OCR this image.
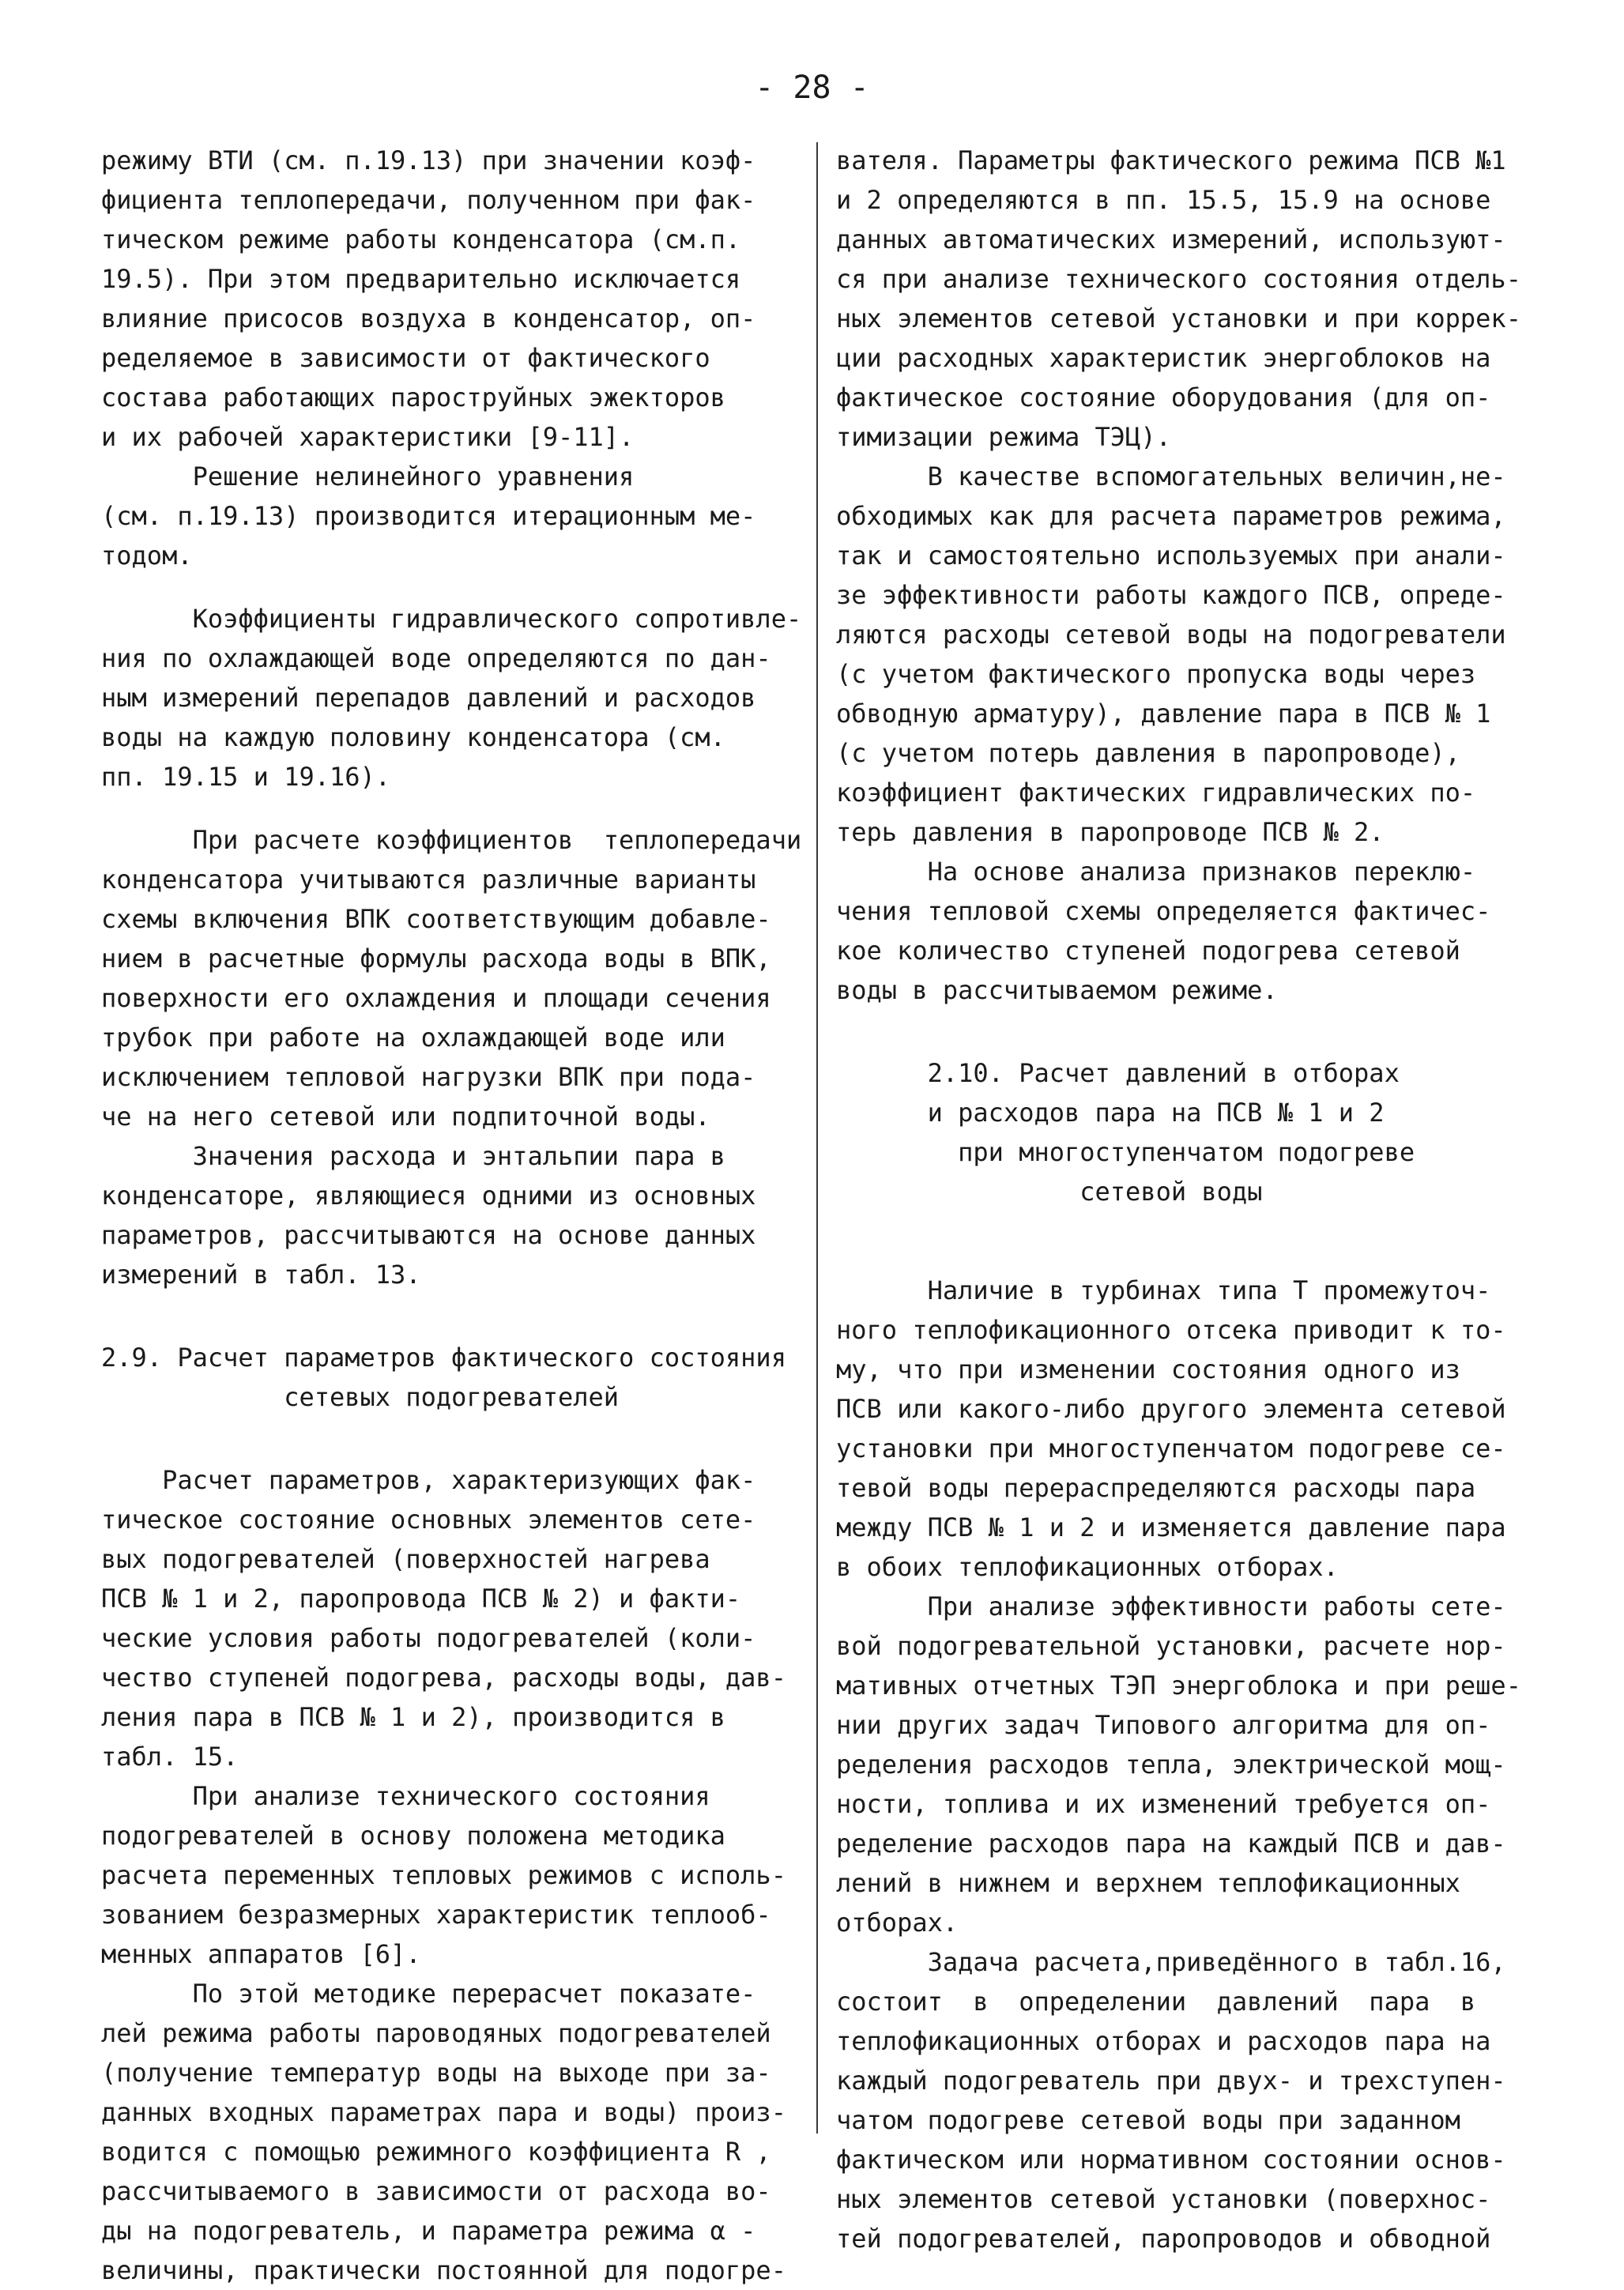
- 28 -
режиму ВТИ (см. п.19.13) при значении коэф-
фициента теплопередачи, полученном при фак-
тическом режиме работы конденсатора (см.п.
19.5). При этом предварительно исключается
влияние присосов воздуха в конденсатор, оп-
ределяемое в зависимости от фактического
состава работающих пароструйных эжекторов
и их рабочей характеристики [9-11].
Решение нелинейного уравнения
(см. п.19.13) производится итерационным ме-
тодом.
Коэффициенты гидравлического сопротивле-
ния по охлаждающей воде определяются по дан-
ным измерений перепадов давлений и расходов
воды на каждую половину конденсатора (см.
пп. 19.15 и 19.16).
При расчете коэффициентов  теплопередачи
конденсатора учитываются различные варианты
схемы включения ВПК соответствующим добавле-
нием в расчетные формулы расхода воды в ВПК,
поверхности его охлаждения и площади сечения
трубок при работе на охлаждающей воде или
исключением тепловой нагрузки ВПК при пода-
че на него сетевой или подпиточной воды.
Значения расхода и энтальпии пара в
конденсаторе, являющиеся одними из основных
параметров, рассчитываются на основе данных
измерений в табл. 13.
2.9. Расчет параметров фактического состояния
сетевых подогревателей
Расчет параметров, характеризующих фак-
тическое состояние основных элементов сете-
вых подогревателей (поверхностей нагрева
ПСВ № 1 и 2, паропровода ПСВ № 2) и факти-
ческие условия работы подогревателей (коли-
чество ступеней подогрева, расходы воды, дав-
ления пара в ПСВ № 1 и 2), производится в
табл. 15.
При анализе технического состояния
подогревателей в основу положена методика
расчета переменных тепловых режимов с исполь-
зованием безразмерных характеристик теплооб-
менных аппаратов [6].
По этой методике перерасчет показате-
лей режима работы пароводяных подогревателей
(получение температур воды на выходе при за-
данных входных параметрах пара и воды) произ-
водится с помощью режимного коэффициента R ,
рассчитываемого в зависимости от расхода во-
ды на подогреватель, и параметра режима α -
величины, практически постоянной для подогре-
вателя. Параметры фактического режима ПСВ №1
и 2 определяются в пп. 15.5, 15.9 на основе
данных автоматических измерений, используют-
ся при анализе технического состояния отдель-
ных элементов сетевой установки и при коррек-
ции расходных характеристик энергоблоков на
фактическое состояние оборудования (для оп-
тимизации режима ТЭЦ).
В качестве вспомогательных величин,не-
обходимых как для расчета параметров режима,
так и самостоятельно используемых при анали-
зе эффективности работы каждого ПСВ, опреде-
ляются расходы сетевой воды на подогреватели
(с учетом фактического пропуска воды через
обводную арматуру), давление пара в ПСВ № 1
(с учетом потерь давления в паропроводе),
коэффициент фактических гидравлических по-
терь давления в паропроводе ПСВ № 2.
На основе анализа признаков переклю-
чения тепловой схемы определяется фактичес-
кое количество ступеней подогрева сетевой
воды в рассчитываемом режиме.
2.10. Расчет давлений в отборах
и расходов пара на ПСВ № 1 и 2
при многоступенчатом подогреве
сетевой воды
Наличие в турбинах типа Т промежуточ-
ного теплофикационного отсека приводит к то-
му, что при изменении состояния одного из
ПСВ или какого-либо другого элемента сетевой
установки при многоступенчатом подогреве се-
тевой воды перераспределяются расходы пара
между ПСВ № 1 и 2 и изменяется давление пара
в обоих теплофикационных отборах.
При анализе эффективности работы сете-
вой подогревательной установки, расчете нор-
мативных отчетных ТЭП энергоблока и при реше-
нии других задач Типового алгоритма для оп-
ределения расходов тепла, электрической мощ-
ности, топлива и их изменений требуется оп-
ределение расходов пара на каждый ПСВ и дав-
лений в нижнем и верхнем теплофикационных
отборах.
Задача расчета,приведённого в табл.16,
состоит  в  определении  давлений  пара  в
теплофикационных отборах и расходов пара на
каждый подогреватель при двух- и трехступен-
чатом подогреве сетевой воды при заданном
фактическом или нормативном состоянии основ-
ных элементов сетевой установки (поверхнос-
тей подогревателей, паропроводов и обводной
